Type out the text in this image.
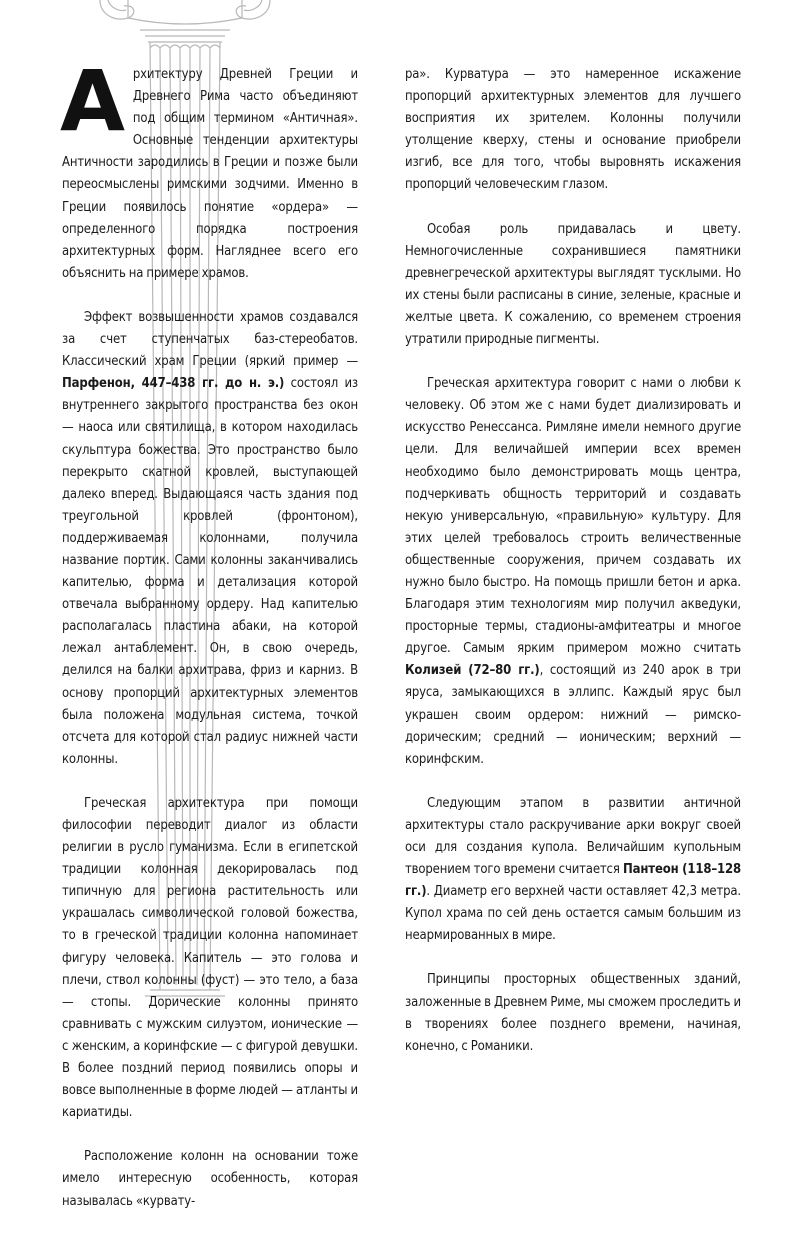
Архитектуру Древней Греции и Древнего Рима часто объединяют под общим термином «Античная». Основные тенденции архитектуры Античности зародились в Греции и позже были переосмыслены римскими зодчими. Именно в Греции появилось понятие «ордера» — определенного порядка построения архитектурных форм. Нагляднее всего его объяснить на примере храмов.

Эффект возвышенности храмов создавался за счет ступенчатых баз-стереобатов. Классический храм Греции (яркий пример — Парфенон, 447–438 гг. до н. э.) состоял из внутреннего закрытого пространства без окон — наоса или святилища, в котором находилась скульптура божества. Это пространство было перекрыто скатной кровлей, выступающей далеко вперед. Выдающаяся часть здания под треугольной кровлей (фронтоном), поддерживаемая колоннами, получила название портик. Сами колонны заканчивались капителью, форма и детализация которой отвечала выбранному ордеру. Над капителью располагалась пластина абаки, на которой лежал антаблемент. Он, в свою очередь, делился на балки архитрава, фриз и карниз. В основу пропорций архитектурных элементов была положена модульная система, точкой отсчета для которой стал радиус нижней части колонны.

Греческая архитектура при помощи философии переводит диалог из области религии в русло гуманизма. Если в египетской традиции колонная декорировалась под типичную для региона растительность или украшалась символической головой божества, то в греческой традиции колонна напоминает фигуру человека. Капитель — это голова и плечи, ствол колонны (фуст) — это тело, а база — стопы. Дорические колонны принято сравнивать с мужским силуэтом, ионические — с женским, а коринфские — с фигурой девушки. В более поздний период появились опоры и вовсе выполненные в форме людей — атланты и кариатиды.

Расположение колонн на основании тоже имело интересную особенность, которая называлась «курвату-

ра». Курватура — это намеренное искажение пропорций архитектурных элементов для лучшего восприятия их зрителем. Колонны получили утолщение кверху, стены и основание приобрели изгиб, все для того, чтобы выровнять искажения пропорций человеческим глазом.

Особая роль придавалась и цвету. Немногочисленные сохранившиеся памятники древнегреческой архитектуры выглядят тусклыми. Но их стены были расписаны в синие, зеленые, красные и желтые цвета. К сожалению, со временем строения утратили природные пигменты.

Греческая архитектура говорит с нами о любви к человеку. Об этом же с нами будет диализировать и искусство Ренессанса. Римляне имели немного другие цели. Для величайшей империи всех времен необходимо было демонстрировать мощь центра, подчеркивать общность территорий и создавать некую универсальную, «правильную» культуру. Для этих целей требовалось строить величественные общественные сооружения, причем создавать их нужно было быстро. На помощь пришли бетон и арка. Благодаря этим технологиям мир получил акведуки, просторные термы, стадионы-амфитеатры и многое другое. Самым ярким примером можно считать Колизей (72–80 гг.), состоящий из 240 арок в три яруса, замыкающихся в эллипс. Каждый ярус был украшен своим ордером: нижний — римско-дорическим; средний — ионическим; верхний — коринфским.

Следующим этапом в развитии античной архитектуры стало раскручивание арки вокруг своей оси для создания купола. Величайшим купольным творением того времени считается Пантеон (118–128 гг.). Диаметр его верхней части оставляет 42,3 метра. Купол храма по сей день остается самым большим из неармированных в мире.

Принципы просторных общественных зданий, заложенные в Древнем Риме, мы сможем проследить и в творениях более позднего времени, начиная, конечно, с Романики.
